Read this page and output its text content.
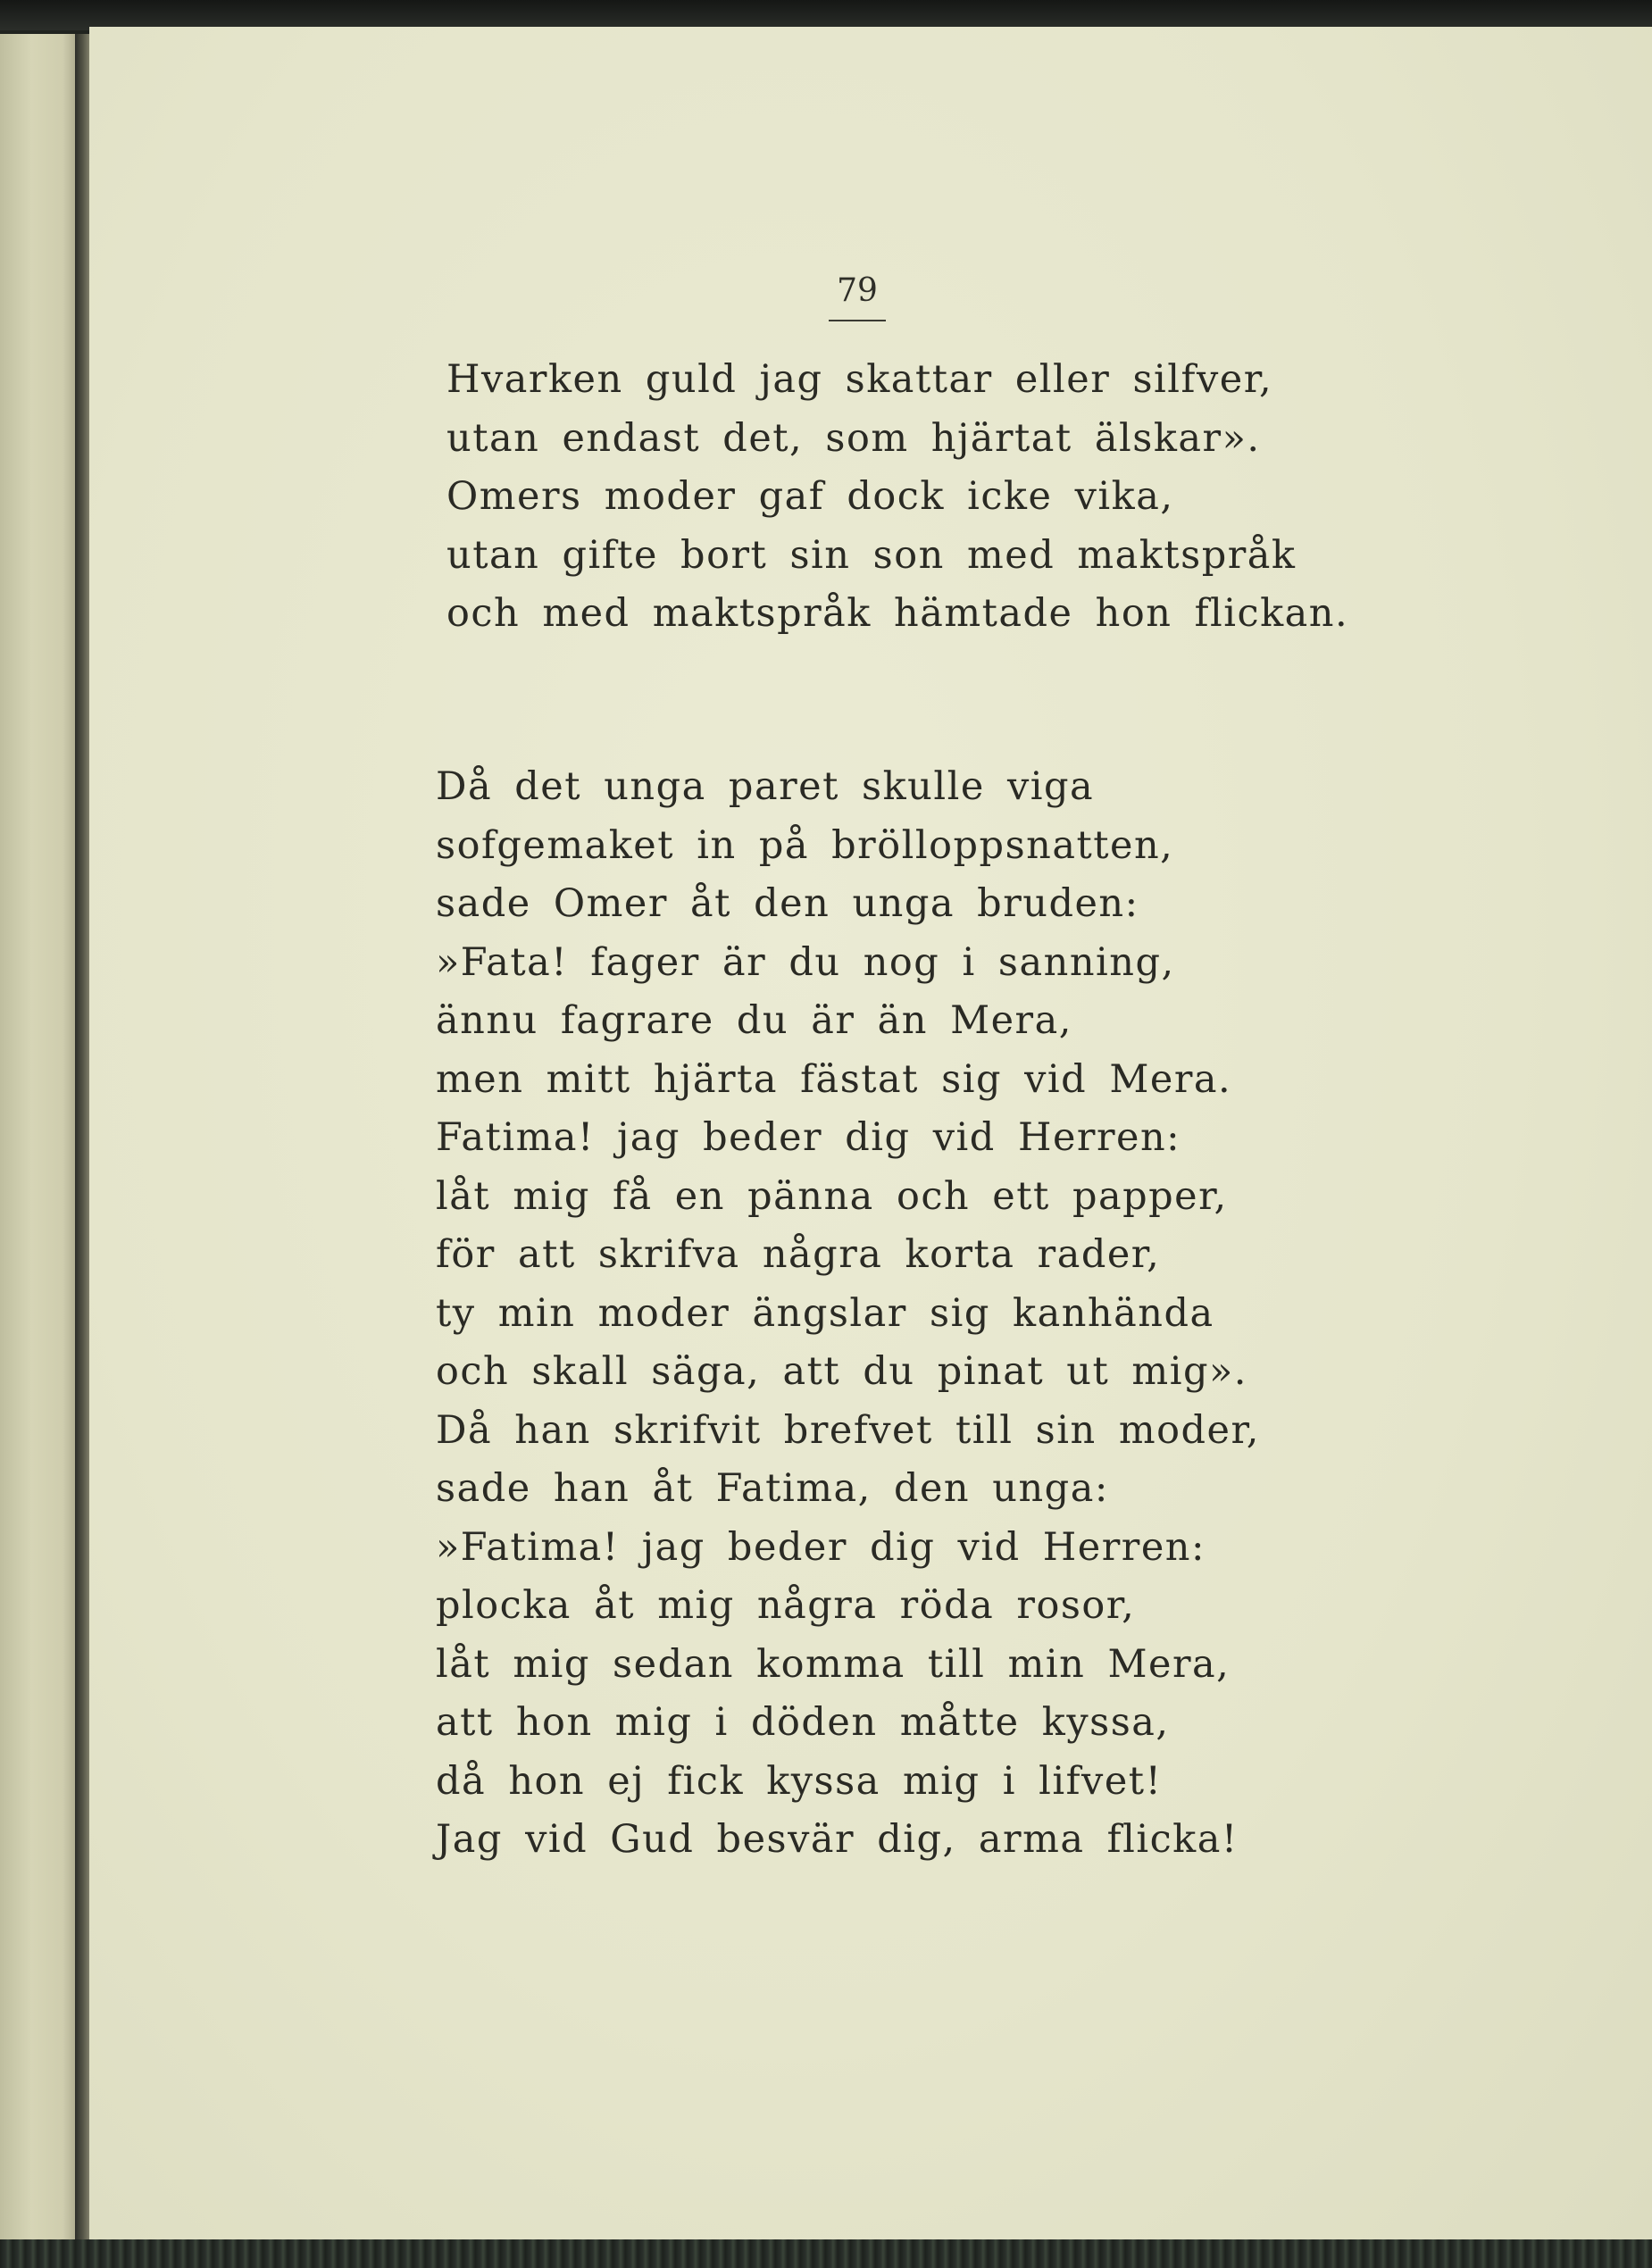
79
Hvarken guld jag skattar eller silfver,
utan endast det, som hjärtat älskar».
Omers moder gaf dock icke vika,
utan gifte bort sin son med maktspråk
och med maktspråk hämtade hon flickan.
Då det unga paret skulle viga
sofgemaket in på brölloppsnatten,
sade Omer åt den unga bruden:
»Fata! fager är du nog i sanning,
ännu fagrare du är än Mera,
men mitt hjärta fästat sig vid Mera.
Fatima! jag beder dig vid Herren:
låt mig få en pänna och ett papper,
för att skrifva några korta rader,
ty min moder ängslar sig kanhända
och skall säga, att du pinat ut mig».
Då han skrifvit brefvet till sin moder,
sade han åt Fatima, den unga:
»Fatima! jag beder dig vid Herren:
plocka åt mig några röda rosor,
låt mig sedan komma till min Mera,
att hon mig i döden måtte kyssa,
då hon ej fick kyssa mig i lifvet!
Jag vid Gud besvär dig, arma flicka!
